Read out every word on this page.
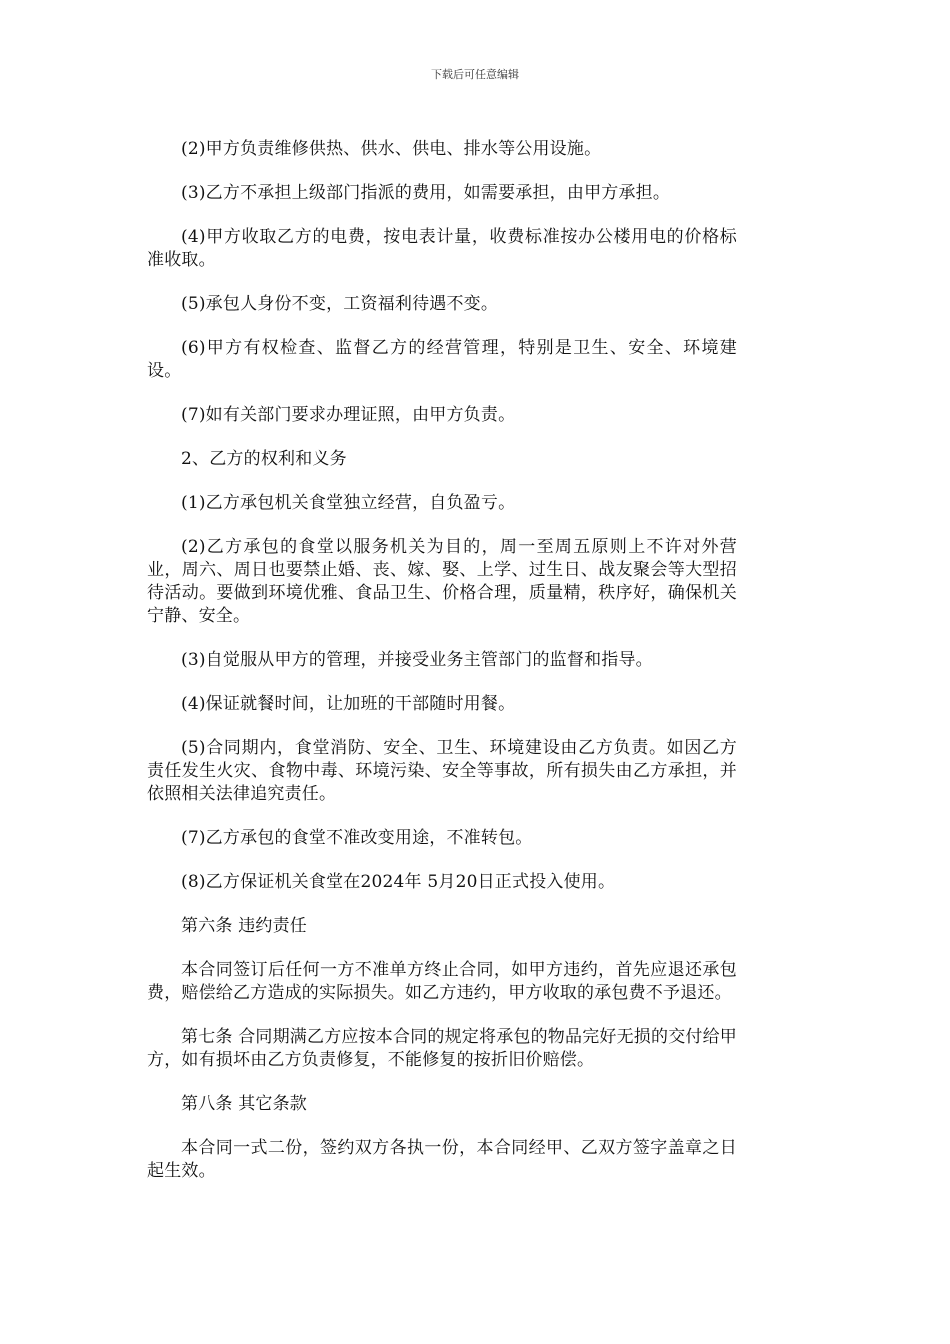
下载后可任意编辑

(2)甲方负责维修供热、供水、供电、排水等公用设施。

(3)乙方不承担上级部门指派的费用，如需要承担，由甲方承担。

(4)甲方收取乙方的电费，按电表计量，收费标准按办公楼用电的价格标准收取。

(5)承包人身份不变，工资福利待遇不变。

(6)甲方有权检查、监督乙方的经营管理，特别是卫生、安全、环境建设。

(7)如有关部门要求办理证照，由甲方负责。

2、乙方的权利和义务

(1)乙方承包机关食堂独立经营，自负盈亏。

(2)乙方承包的食堂以服务机关为目的，周一至周五原则上不许对外营业，周六、周日也要禁止婚、丧、嫁、娶、上学、过生日、战友聚会等大型招待活动。要做到环境优雅、食品卫生、价格合理，质量精，秩序好，确保机关宁静、安全。

(3)自觉服从甲方的管理，并接受业务主管部门的监督和指导。

(4)保证就餐时间，让加班的干部随时用餐。

(5)合同期内，食堂消防、安全、卫生、环境建设由乙方负责。如因乙方责任发生火灾、食物中毒、环境污染、安全等事故，所有损失由乙方承担，并依照相关法律追究责任。

(7)乙方承包的食堂不准改变用途，不准转包。

(8)乙方保证机关食堂在2024年 5月20日正式投入使用。

第六条 违约责任

本合同签订后任何一方不准单方终止合同，如甲方违约，首先应退还承包费，赔偿给乙方造成的实际损失。如乙方违约，甲方收取的承包费不予退还。

第七条 合同期满乙方应按本合同的规定将承包的物品完好无损的交付给甲方，如有损坏由乙方负责修复，不能修复的按折旧价赔偿。

第八条 其它条款

本合同一式二份，签约双方各执一份，本合同经甲、乙双方签字盖章之日起生效。
